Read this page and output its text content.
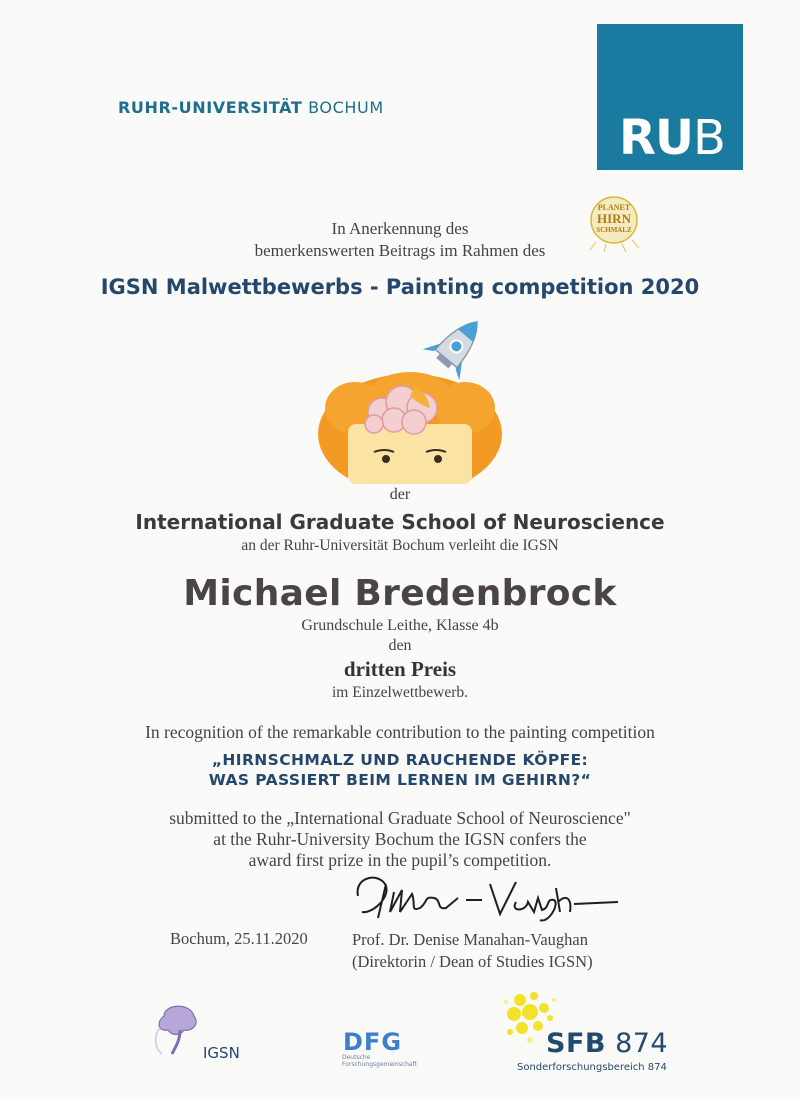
RUHR-UNIVERSITÄT BOCHUM
RUB
PLANET
HIRN
SCHMALZ
In Anerkennung des
bemerkenswerten Beitrags im Rahmen des
IGSN Malwettbewerbs - Painting competition 2020
der
International Graduate School of Neuroscience
an der Ruhr-Universität Bochum verleiht die IGSN
Michael Bredenbrock
Grundschule Leithe, Klasse 4b
den
dritten Preis
im Einzelwettbewerb.
In recognition of the remarkable contribution to the painting competition
„HIRNSCHMALZ UND RAUCHENDE KÖPFE:
WAS PASSIERT BEIM LERNEN IM GEHIRN?“
submitted to the „International Graduate School of Neuroscience"
at the Ruhr-University Bochum the IGSN confers the
award first prize in the pupil’s competition.
Bochum, 25.11.2020	Prof. Dr. Denise Manahan-Vaughan
(Direktorin / Dean of Studies IGSN)
IGSN	DFG
Deutsche
Forschungsgemeinschaft
SFB 874
Sonderforschungsbereich 874
